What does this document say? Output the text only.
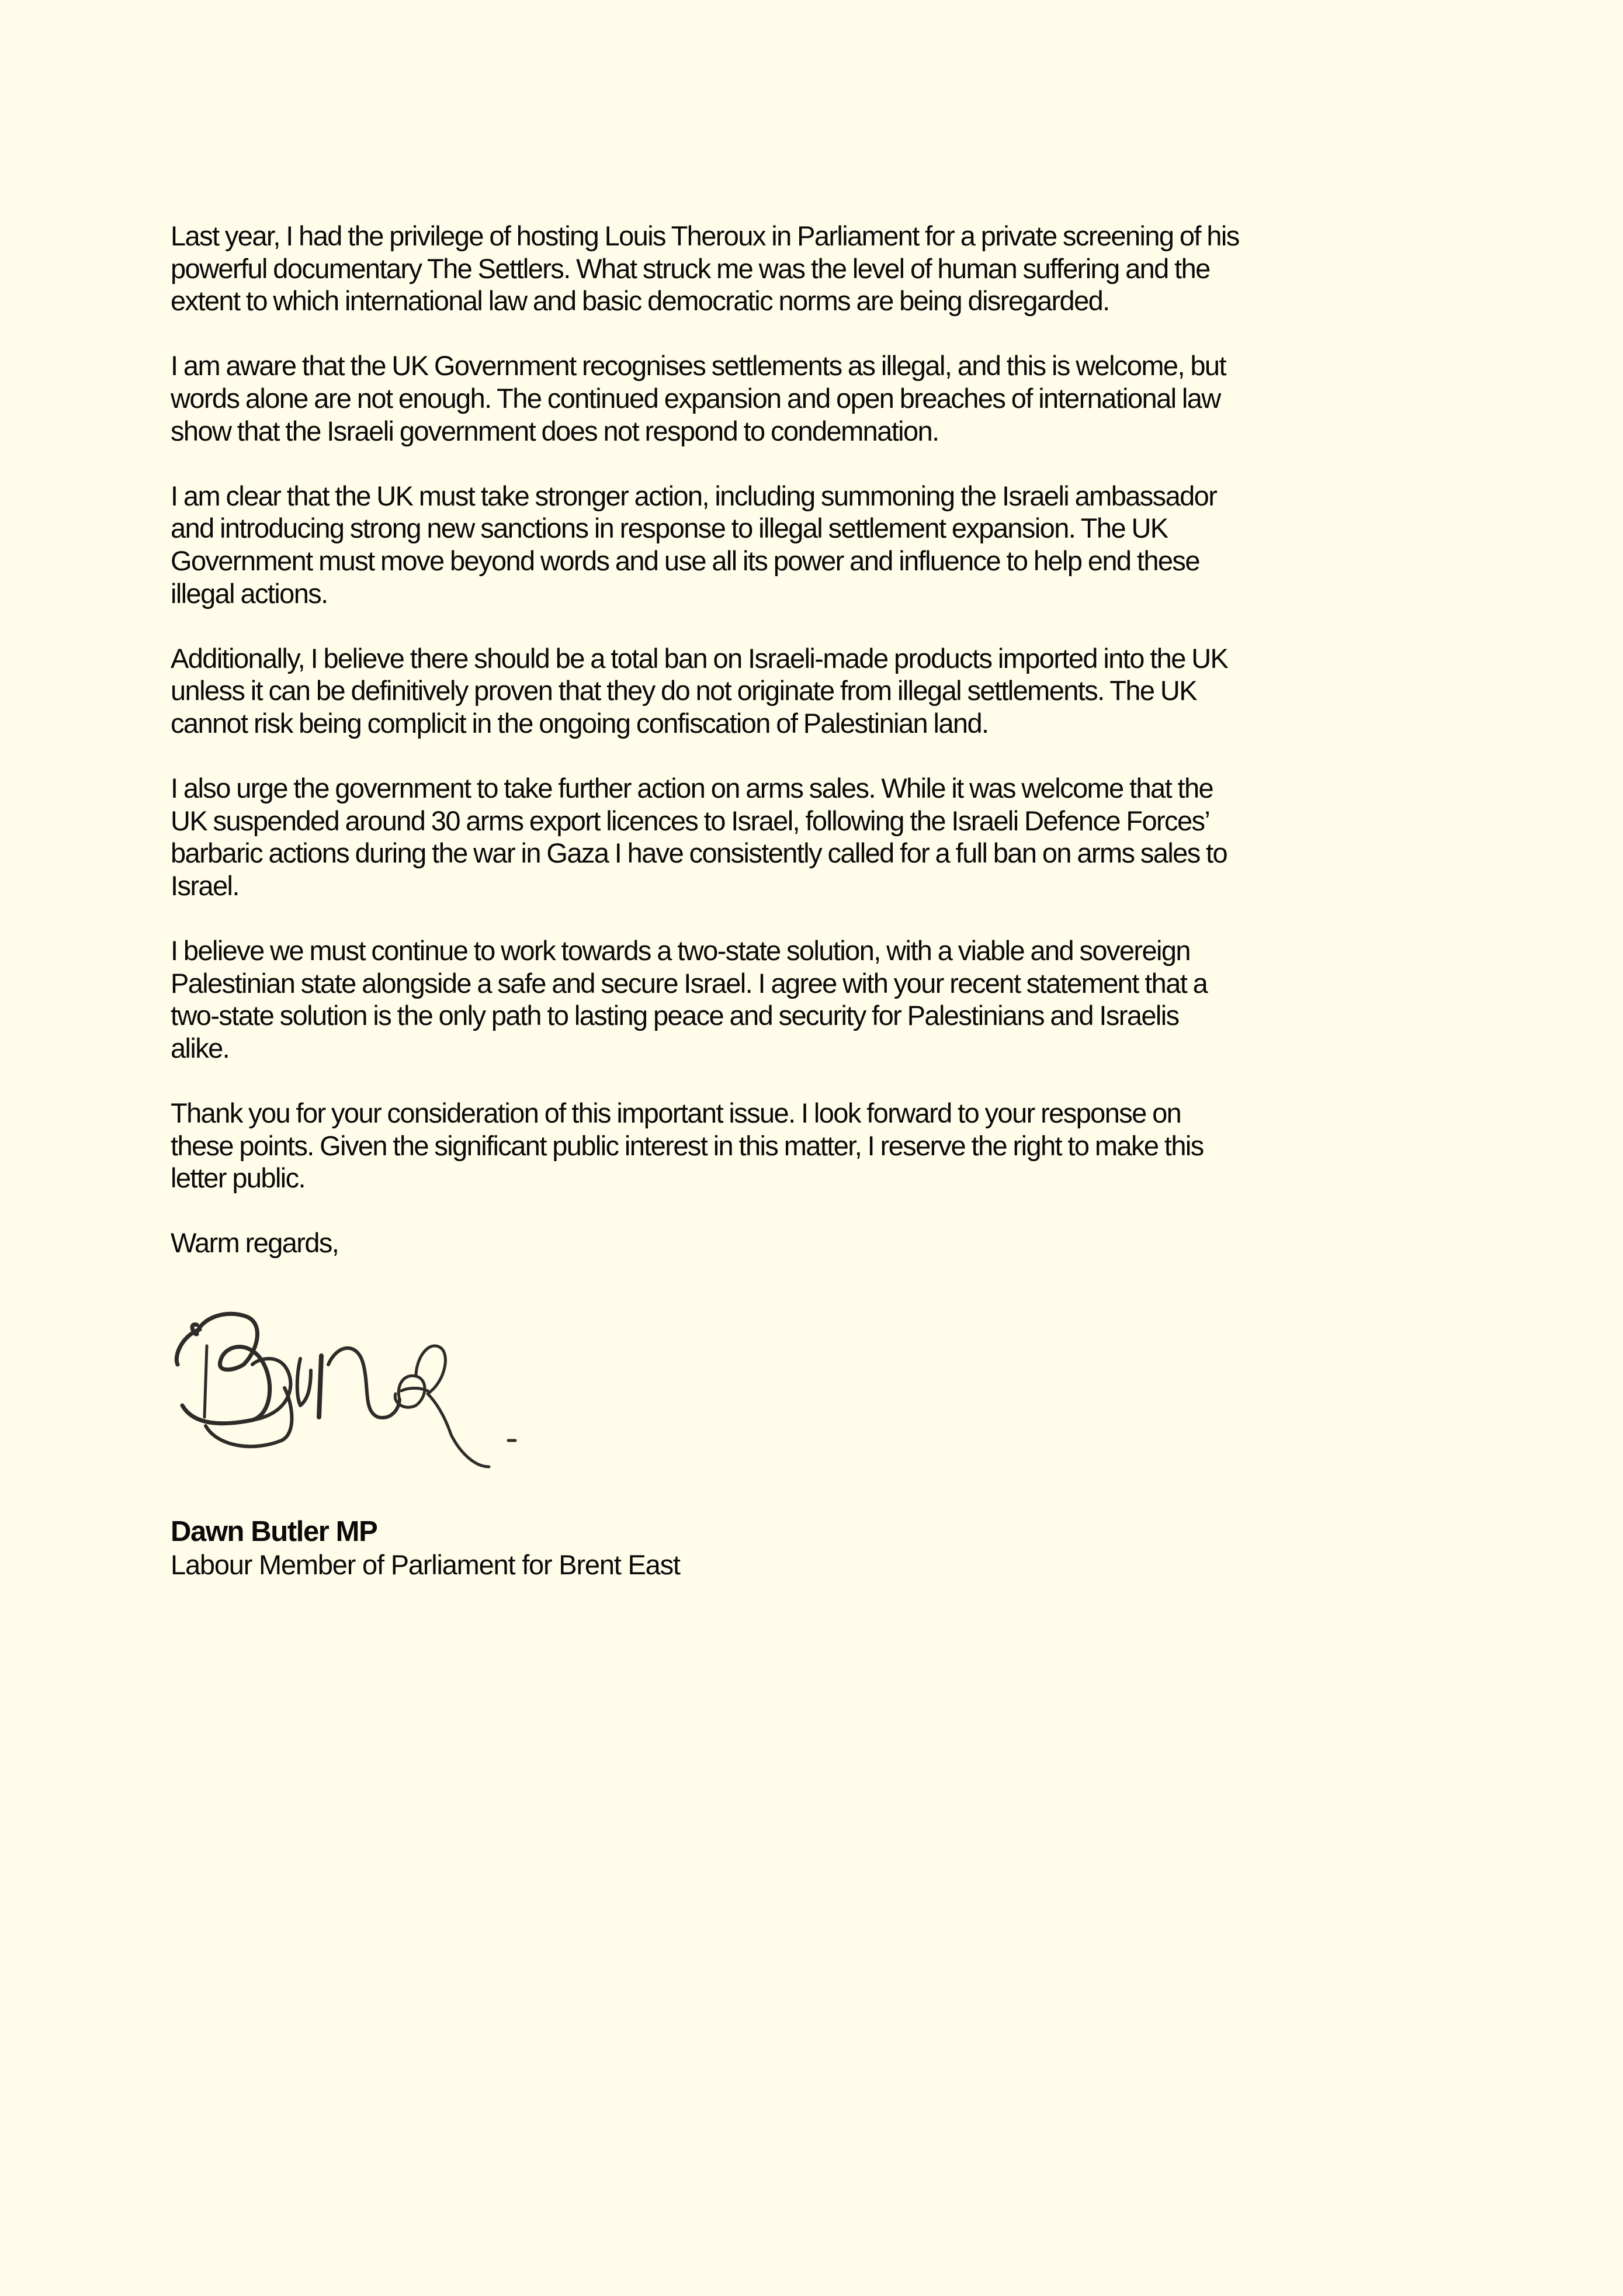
Last year, I had the privilege of hosting Louis Theroux in Parliament for a private screening of his
powerful documentary The Settlers. What struck me was the level of human suffering and the
extent to which international law and basic democratic norms are being disregarded.

I am aware that the UK Government recognises settlements as illegal, and this is welcome, but
words alone are not enough. The continued expansion and open breaches of international law
show that the Israeli government does not respond to condemnation.

I am clear that the UK must take stronger action, including summoning the Israeli ambassador
and introducing strong new sanctions in response to illegal settlement expansion. The UK
Government must move beyond words and use all its power and influence to help end these
illegal actions.

Additionally, I believe there should be a total ban on Israeli-made products imported into the UK
unless it can be definitively proven that they do not originate from illegal settlements. The UK
cannot risk being complicit in the ongoing confiscation of Palestinian land.

I also urge the government to take further action on arms sales. While it was welcome that the
UK suspended around 30 arms export licences to Israel, following the Israeli Defence Forces’
barbaric actions during the war in Gaza I have consistently called for a full ban on arms sales to
Israel.

I believe we must continue to work towards a two-state solution, with a viable and sovereign
Palestinian state alongside a safe and secure Israel. I agree with your recent statement that a
two-state solution is the only path to lasting peace and security for Palestinians and Israelis
alike.

Thank you for your consideration of this important issue. I look forward to your response on
these points. Given the significant public interest in this matter, I reserve the right to make this
letter public.

Warm regards,

Dawn Butler MP
Labour Member of Parliament for Brent East
